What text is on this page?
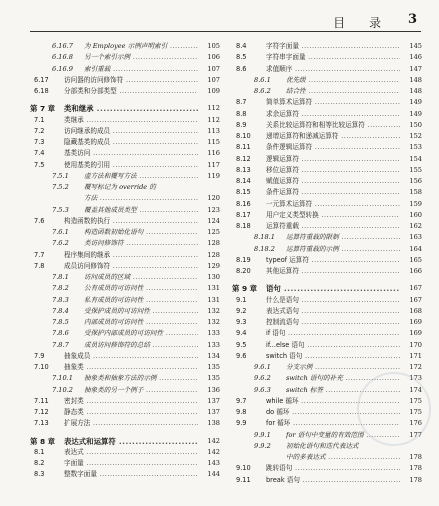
目 录 3
6.16.7 为 Employee 示例声明索引 .....	105
6.16.8 另一个索引示例 .....	106
6.16.9 索引重载 .....	107
6.17 访问器的访问修饰符 .....	107
6.18 分部类和分部类型 .....	109
第 7 章 类和继承 .....	112
7.1	类继承 .....	112
7.2	访问继承的成员 .....	113
7.3	隐藏基类的成员 .....	115
7.4	基类访问 .....	116
7.5	使用基类的引用 .....	117
7.5.1 虚方法和覆写方法 .....	119
7.5.2 覆写标记为 override 的
方法 .....	120
7.5.3 覆盖其他成员类型 .....	123
7.6	构造函数的执行 .....	124
7.6.1 构造函数初始化语句 .....	125
7.6.2 类访问修饰符 .....	128
7.7	程序集间的继承 .....	128
7.8	成员访问修饰符 .....	129
7.8.1 访问成员的区域 .....	130
7.8.2 公有成员的可访问性 .....	131
7.8.3 私有成员的可访问性 .....	131
7.8.4 受保护成员的可访问性 .....	132
7.8.5 内部成员的可访问性 .....	132
7.8.6 受保护内部成员的可访问性 .....	133
7.8.7 成员访问修饰符的总结 .....	133
7.9	抽象成员 .....	134
7.10 抽象类 .....	135
7.10.1 抽象类和抽象方法的示例 .....	135
7.10.2 抽象类的另一个例子 .....	136
7.11 密封类 .....	137
7.12 静态类 .....	137
7.13 扩展方法 .....	138
第 8 章 表达式和运算符 .....	142
8.1	表达式 .....	142
8.2	字面量 .....	143
8.3	整数字面量 .....	144
8.4	字符字面量 .....	145
8.5	字符串字面量 .....	146
8.6	求值顺序 .....	147
8.6.1 优先级 .....	148
8.6.2 结合性 .....	148
8.7	简单算术运算符 .....	149
8.8	求余运算符 .....	149
8.9	关系比较运算符和相等比较运算符 .....	150
8.10 递增运算符和递减运算符 .....	152
8.11 条件逻辑运算符 .....	153
8.12 逻辑运算符 .....	154
8.13 移位运算符 .....	155
8.14 赋值运算符 .....	156
8.15 条件运算符 .....	158
8.16 一元算术运算符 .....	159
8.17 用户定义类型转换 .....	160
8.18 运算符重载 .....	162
8.18.1 运算符重载的限制 .....	163
8.18.2 运算符重载的示例 .....	164
8.19 typeof 运算符 .....	165
8.20 其他运算符 .....	166
第 9 章 语句 .....	167
9.1	什么是语句 .....	167
9.2	表达式语句 .....	168
9.3	控制流语句 .....	169
9.4	if 语句 .....	169
9.5	if...else 语句 .....	170
9.6	switch 语句 .....	171
9.6.1 分支示例 .....	172
9.6.2 switch 语句的补充 .....	173
9.6.3 switch 标签 .....	174
9.7	while 循环 .....	175
9.8	do 循环 .....	175
9.9	for 循环 .....	176
9.9.1 for 语句中变量的有效范围 .....	177
9.9.2 初始化语句和迭代表达式
中的多表达式 .....	178
9.10 跳转语句 .....	178
9.11 break 语句 .....	178
